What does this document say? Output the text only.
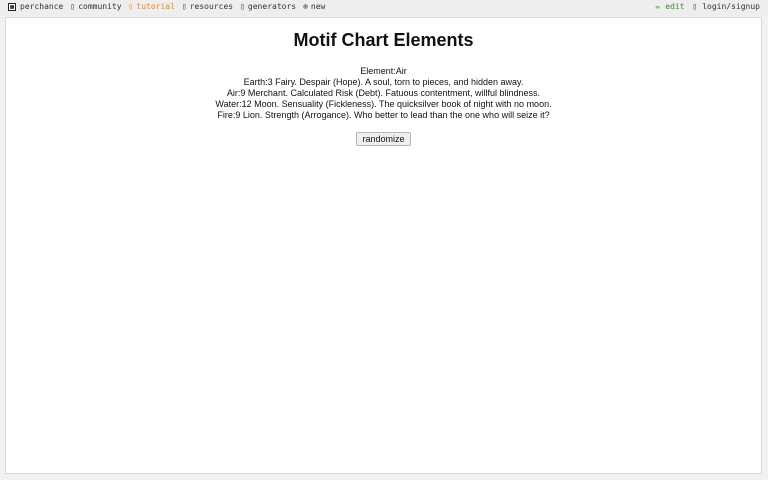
perchance ▯ community ▯ tutorial ▯ resources ▯ generators ⊕ new	✏ edit ▯ login/signup
Motif Chart Elements
Element:Air
Earth:3 Fairy. Despair (Hope). A soul, torn to pieces, and hidden away.
Air:9 Merchant. Calculated Risk (Debt). Fatuous contentment, willful blindness.
Water:12 Moon. Sensuality (Fickleness). The quicksilver book of night with no moon.
Fire:9 Lion. Strength (Arrogance). Who better to lead than the one who will seize it?
randomize
